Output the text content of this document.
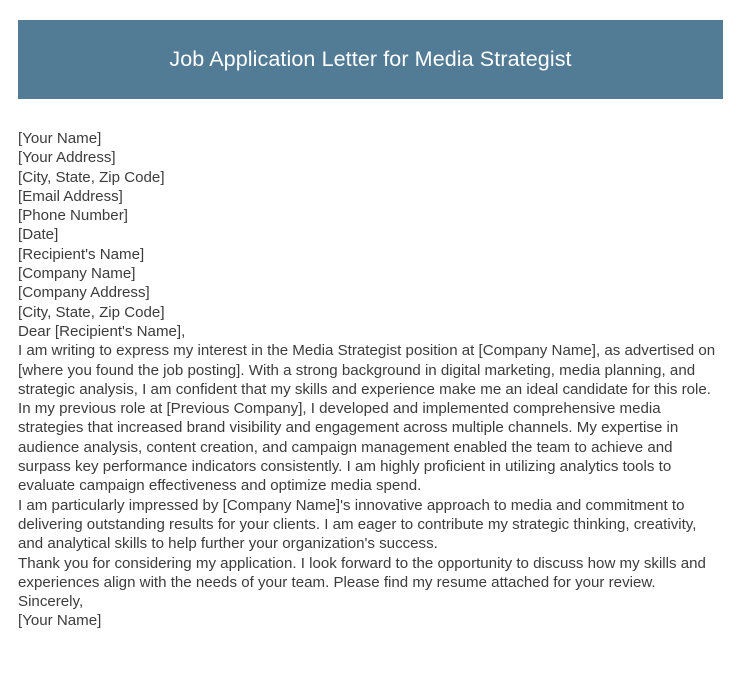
Job Application Letter for Media Strategist
[Your Name]
[Your Address]
[City, State, Zip Code]
[Email Address]
[Phone Number]
[Date]
[Recipient's Name]
[Company Name]
[Company Address]
[City, State, Zip Code]
Dear [Recipient's Name],
I am writing to express my interest in the Media Strategist position at [Company Name], as advertised on [where you found the job posting]. With a strong background in digital marketing, media planning, and strategic analysis, I am confident that my skills and experience make me an ideal candidate for this role.
In my previous role at [Previous Company], I developed and implemented comprehensive media strategies that increased brand visibility and engagement across multiple channels. My expertise in audience analysis, content creation, and campaign management enabled the team to achieve and surpass key performance indicators consistently. I am highly proficient in utilizing analytics tools to evaluate campaign effectiveness and optimize media spend.
I am particularly impressed by [Company Name]'s innovative approach to media and commitment to delivering outstanding results for your clients. I am eager to contribute my strategic thinking, creativity, and analytical skills to help further your organization's success.
Thank you for considering my application. I look forward to the opportunity to discuss how my skills and experiences align with the needs of your team. Please find my resume attached for your review.
Sincerely,
[Your Name]
